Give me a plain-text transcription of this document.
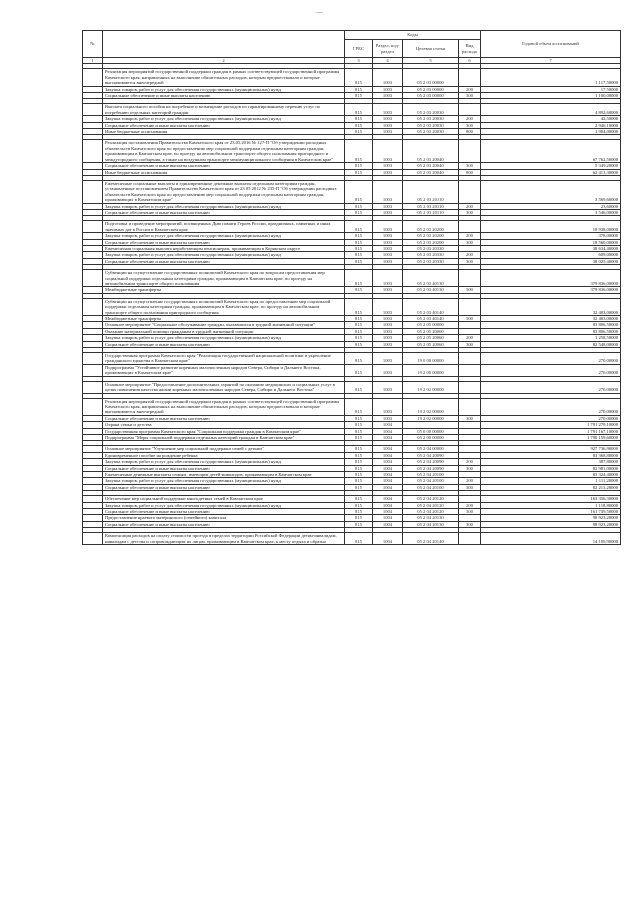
—
№		Коды				Годовой объем ассигнований
		ГРБС	Раздел, под-раздел	Целевая статья	Вид расхода	
1	2	3	4	5	6	7

	Реализация мероприятий государственной поддержки граждан в рамках соответствующей государственной программы Камчатского края, направленных на выполнение обязательных расходов, которым предшествовали и которые выплачиваются внеочередной	815	1003	05 2 03 00000		1 117,50000
	Закупка товаров, работ и услуг для обеспечения государственных (муниципальных) нужд	815	1003	05 2 03 00000	200	17,50000
	Социальные обеспечение и иные выплаты населению	815	1003	05 2 03 00000	300	1 100,00000

	Выплата социального пособия на погребение и возмещение расходов по гарантированному перечню услуг по погребению отдельных категорий граждан	815	1003	05 2 03 20030		4 892,60000
	Закупка товаров, работ и услуг для обеспечения государственных (муниципальных) нужд	815	1003	05 2 03 20030	200	42,50000
	Социальное обеспечение и иные выплаты населению	815	1003	05 2 03 20030	300	2 946,10000
	Иные бюджетные ассигнования	815	1003	05 2 03 20030	800	1 904,00000

	Реализация постановления Правительства Камчатского края от 23.05.2016 № 127-П "Об утверждении расходных обязательств Камчатского края по предоставлению мер социальной поддержки отдельным категориям граждан, проживающим в Камчатском крае, по проезду на автомобильном транспорте общего пользования пригородного и междугородного сообщения, а также на воздушном транспорте межмуниципального сообщения в Камчатском крае"	815	1003	05 2 03 20040		67 762,50000
	Социальное обеспечение и иные выплаты населению	815	1003	05 2 03 20040	300	5 349,20000
	Иные бюджетные ассигнования	815	1003	05 2 03 20040	800	62 413,30000

	Ежемесячные социальные выплаты и единовременные денежные выплаты отдельным категориям граждан, установленные постановлением Правительства Камчатского края от 23.05.2012 № 235-П "Об утверждении расходных обязательств Камчатского края по предоставлению мер социальной поддержки отдельным категориям граждан, проживающих в Камчатском крае"	815	1003	05 2 03 20110		3 569,60000
	Закупка товаров, работ и услуг для обеспечения государственных (муниципальных) нужд	815	1003	05 2 03 20110	200	23,60000
	Социальное обеспечение и иные выплаты населению	815	1003	05 2 03 20110	300	3 546,00000

	Подготовка и проведение мероприятий, посвященных Дню памяти Героев России, праздничных, памятных и иных значимых дат в России и Камчатском крае	815	1003	05 2 03 20200		18 938,00000
	Закупка товаров, работ и услуг для обеспечения государственных (муниципальных) нужд	815	1003	05 2 03 20200	200	378,00000
	Социальное обеспечение и иные выплаты населению	815	1003	05 2 03 20200	300	18 560,00000
	Ежемесячная социальная выплата неработающим пенсионерам, проживающим в Корякском округе	815	1003	05 2 03 20330		38 634,40000
	Закупка товаров, работ и услуг для обеспечения государственных (муниципальных) нужд	815	1003	05 2 03 20330	200	609,00000
	Социальное обеспечение и иные выплаты населению	815	1003	05 2 03 20330	300	38 025,40000

	Субвенции на осуществление государственных полномочий Камчатского края по вопросам предоставления мер социальной поддержки отдельным категориям граждан, проживающим в Камчатском крае, по проезду на автомобильном транспорте общего пользования	815	1003	05 2 03 40130		379 836,00000
	Межбюджетные трансферты	815	1003	05 2 03 40130	500	379 836,00000

	Субвенции на осуществление государственных полномочий Камчатского края по предоставлению мер социальной поддержки отдельным категориям граждан, проживающим в Камчатском крае, по проезду на автомобильном транспорте общего пользования пригородного сообщения	815	1003	05 2 03 40140		32 403,00000
	Межбюджетные трансферты	815	1003	05 2 03 40140	500	32 403,00000
	Основное мероприятие "Социальное обслуживание граждан, оказавшихся в трудной жизненной ситуации"	815	1003	05 2 05 00000		83 806,50000
	Оказание материальной помощи гражданам в трудной жизненной ситуации	815	1003	05 2 05 20060		83 806,50000
	Закупка товаров, работ и услуг для обеспечения государственных (муниципальных) нужд	815	1003	05 2 05 20060	200	1 258,50000
	Социальное обеспечение и иные выплаты населению	815	1003	05 2 05 20060	300	82 548,00000

	Государственная программа Камчатского края "Реализация государственной национальной политики и укрепление гражданского единства в Камчатском крае"	815	1003	19 0 00 00000		270,00000
	Подпрограмма "Устойчивое развитие коренных малочисленных народов Севера, Сибири и Дальнего Востока, проживающих в Камчатском крае"	815	1003	19 2 00 00000		270,00000

	Основное мероприятие "Предоставление дополнительных гарантий по оказанию медицинских и социальных услуг в целях повышения качества жизни коренных малочисленных народов Севера, Сибири и Дальнего Востока"	815	1003	19 2 02 00000		270,00000

	Реализация мероприятий государственной поддержки граждан в рамках соответствующей государственной программы Камчатского края, направленных на выполнение обязательных расходов, которым предшествовали и которые выплачиваются внеочередной	815	1003	19 2 02 00000		270,00000
	Социальное обеспечение и иные выплаты населению	815	1003	19 2 02 00000	300	270,00000
	Охрана семьи и детства	815	1004			1 791 279,10000
	Государственная программа Камчатского края "Социальная поддержка граждан в Камчатском крае"	815	1004	05 0 00 00000		1 791 167,10000
	Подпрограмма "Меры социальной поддержки отдельных категорий граждан в Камчатском крае"	815	1004	05 2 00 00000		1 790 159,60000

	Основное мероприятие "Улучшение мер социальной поддержки семей с детьми"	815	1004	05 2 04 00000		927 736,90000
	Единовременное пособие на рождение ребенка	815	1004	05 2 04 20090		83 368,80000
	Закупка товаров, работ и услуг для обеспечения государственных (муниципальных) нужд	815	1004	05 2 04 20090	200	387,80000
	Социальное обеспечение и иные выплаты населению	815	1004	05 2 04 20090	300	82 981,00000
	Ежемесячные денежные выплаты семьям, имеющим детей-инвалидов, проживающим в Камчатском крае	815	1004	05 2 04 20100		83 324,40000
	Закупка товаров, работ и услуг для обеспечения государственных (муниципальных) нужд	815	1004	05 2 04 20100	200	1 111,20000
	Социальное обеспечение и иные выплаты населению	815	1004	05 2 04 20100	300	82 213,20000

	Обеспечение мер социальной поддержки многодетных семей в Камчатском крае	815	1004	05 2 04 20120		163 356,30000
	Закупка товаров, работ и услуг для обеспечения государственных (муниципальных) нужд	815	1004	05 2 04 20120	200	1 118,80000
	Социальное обеспечение и иные выплаты населению	815	1004	05 2 04 20120	300	161 739,50000
	Предоставление краевого материнского (семейного) капитала	815	1004	05 2 04 20130		98 923,20000
	Социальное обеспечение и иные выплаты населению	815	1004	05 2 04 20130	300	98 923,20000

	Компенсация расходов на оплату стоимости проезда в пределах территории Российской Федерации детям-инвалидам, инвалидам с детства и сопровождающим их лицам, проживающим в Камчатском крае, к месту отдыха и обратно	815	1004	05 2 04 20140		14 109,90000
